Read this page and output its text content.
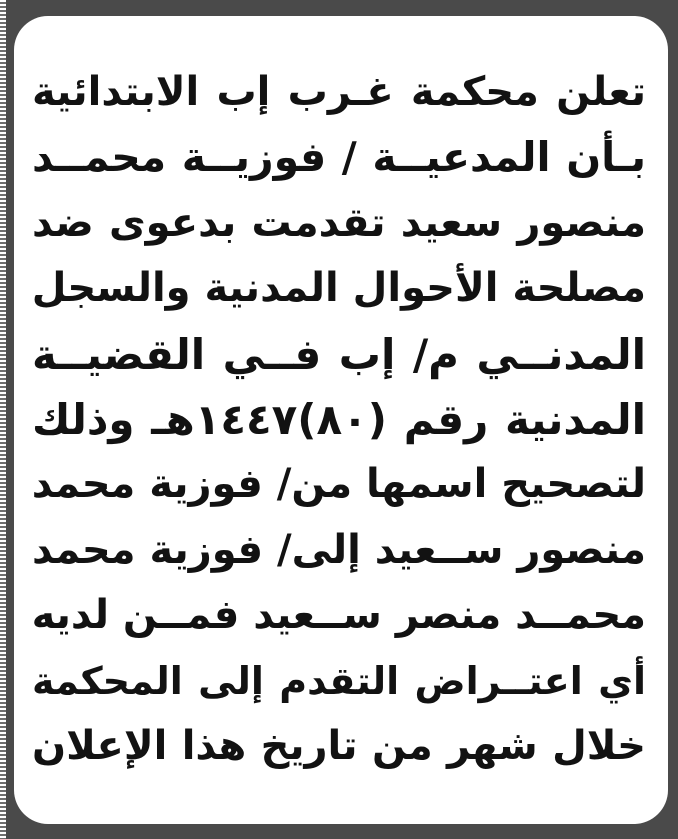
تعلن محكمة غـرب إب الابتدائية
بـأن المدعيــة / فوزيــة محمــد
منصور سعيد تقدمت بدعوى ضد
مصلحة الأحوال المدنية والسجل
المدنــي م/ إب فــي القضيــة
المدنية رقم (٨٠)١٤٤٧هـ وذلك
لتصحيح اسمها من/ فوزية محمد
منصور ســعيد إلى/ فوزية محمد
محمــد منصر ســعيد فمــن لديه
أي اعتــراض التقدم إلى المحكمة
خلال شهر من تاريخ هذا الإعلان
